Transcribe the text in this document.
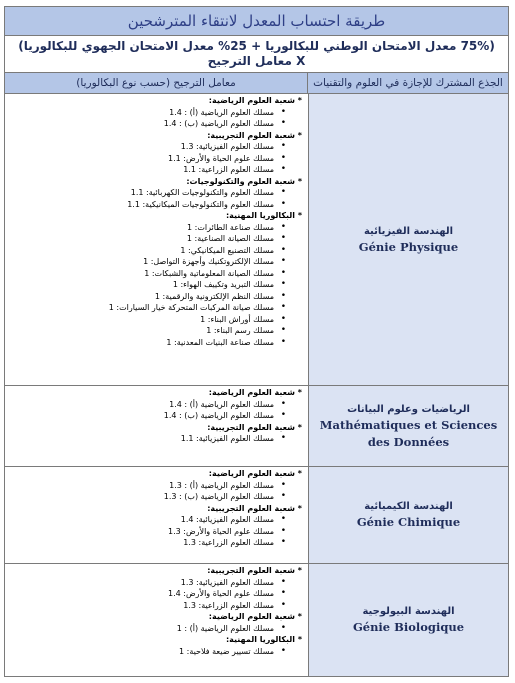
طريقة احتساب المعدل لانتقاء المترشحين
(75% معدل الامتحان الوطني للبكالوريا + 25% معدل الامتحان الجهوي للبكالوريا) X معامل الترجيح
الجذع المشترك للإجازة في العلوم والتقنيات
معامل الترجيح (حسب نوع البكالوريا)
الهندسة الفيزيائية
Génie Physique
* شعبة العلوم الرياضية:
• مسلك العلوم الرياضية (أ) : 1.4
• مسلك العلوم الرياضية (ب) : 1.4
* شعبة العلوم التجريبية:
• مسلك العلوم الفيزيائية: 1.3
• مسلك علوم الحياة والأرض: 1.1
• مسلك العلوم الزراعية: 1.1
* شعبة العلوم والتكنولوجيات:
• مسلك العلوم والتكنولوجيات الكهربائية: 1.1
• مسلك العلوم والتكنولوجيات الميكانيكية: 1.1
* البكالوريا المهنية:
• مسلك صناعة الطائرات: 1
• مسلك الصيانة الصناعية: 1
• مسلك التصنيع الميكانيكي: 1
• مسلك الإلكتروتكنيك وأجهزة التواصل: 1
• مسلك الصيانة المعلوماتية والشبكات: 1
• مسلك التبريد وتكييف الهواء: 1
• مسلك النظم الإلكترونية والرقمية: 1
• مسلك صيانة المركبات المتحركة خيار السيارات: 1
• مسلك أوراش البناء: 1
• مسلك رسم البناء: 1
• مسلك صناعة البنيات المعدنية: 1
الرياضيات وعلوم البيانات
Mathématiques et Sciences des Données
* شعبة العلوم الرياضية:
• مسلك العلوم الرياضية (أ) : 1.4
• مسلك العلوم الرياضية (ب) : 1.4
* شعبة العلوم التجريبية:
• مسلك العلوم الفيزيائية: 1.1
الهندسة الكيميائية
Génie Chimique
* شعبة العلوم الرياضية:
• مسلك العلوم الرياضية (أ) : 1.3
• مسلك العلوم الرياضية (ب) : 1.3
* شعبة العلوم التجريبية:
• مسلك العلوم الفيزيائية: 1.4
• مسلك علوم الحياة والأرض: 1.3
• مسلك العلوم الزراعية: 1.3
الهندسة البيولوجية
Génie Biologique
* شعبة العلوم التجريبية:
• مسلك العلوم الفيزيائية: 1.3
• مسلك علوم الحياة والأرض: 1.4
• مسلك العلوم الزراعية: 1.3
* شعبة العلوم الرياضية:
• مسلك العلوم الرياضية (أ) : 1
* البكالوريا المهنية:
• مسلك تسيير ضيعة فلاحية: 1
